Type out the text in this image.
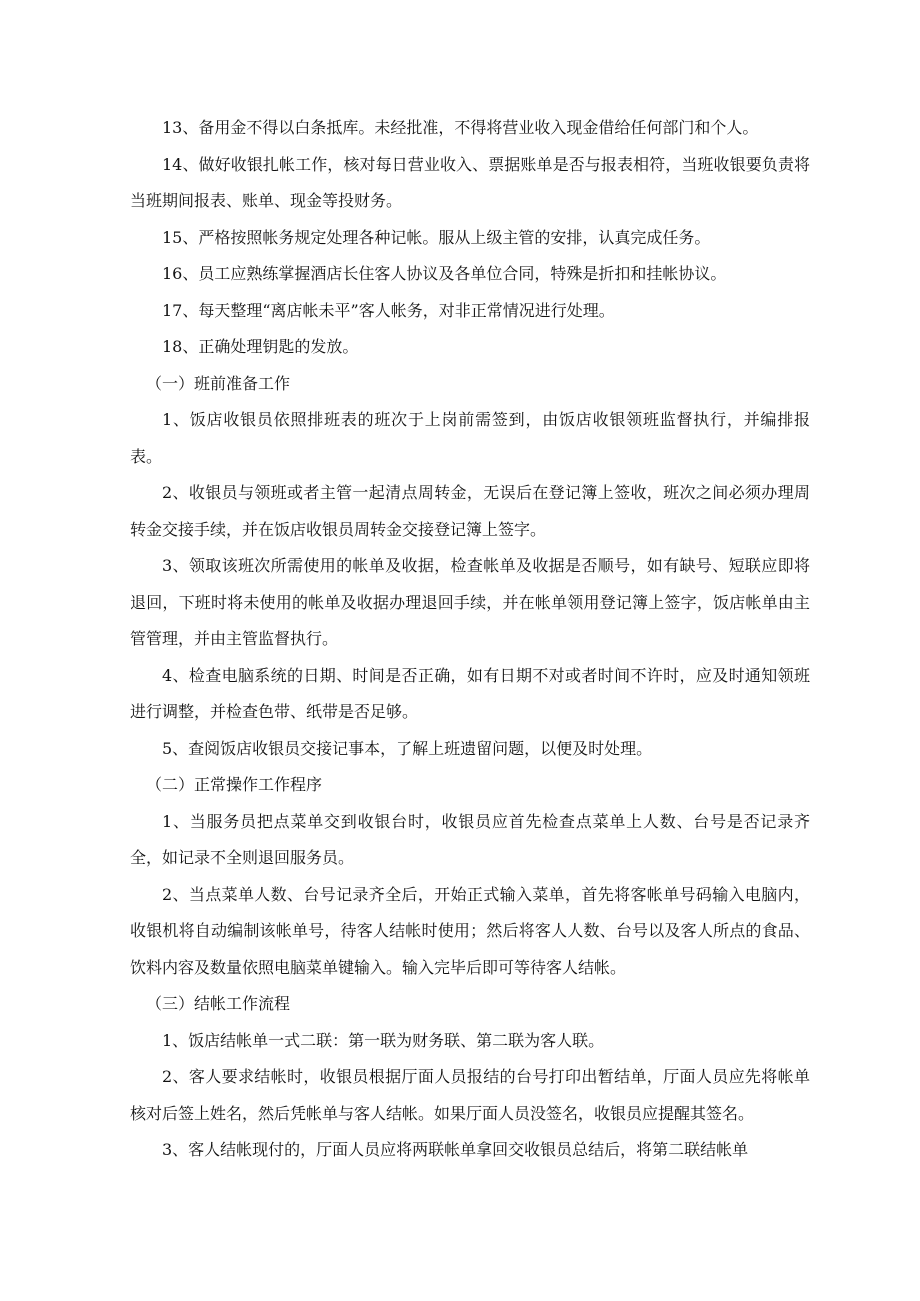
13、备用金不得以白条抵库。未经批准，不得将营业收入现金借给任何部门和个人。

14、做好收银扎帐工作，核对每日营业收入、票据账单是否与报表相符，当班收银要负责将当班期间报表、账单、现金等投财务。

15、严格按照帐务规定处理各种记帐。服从上级主管的安排，认真完成任务。

16、员工应熟练掌握酒店长住客人协议及各单位合同，特殊是折扣和挂帐协议。

17、每天整理“离店帐未平”客人帐务，对非正常情况进行处理。

18、正确处理钥匙的发放。

（一）班前准备工作

1、饭店收银员依照排班表的班次于上岗前需签到，由饭店收银领班监督执行，并编排报表。

2、收银员与领班或者主管一起清点周转金，无误后在登记簿上签收，班次之间必须办理周转金交接手续，并在饭店收银员周转金交接登记簿上签字。

3、领取该班次所需使用的帐单及收据，检查帐单及收据是否顺号，如有缺号、短联应即将退回，下班时将未使用的帐单及收据办理退回手续，并在帐单领用登记簿上签字，饭店帐单由主管管理，并由主管监督执行。

4、检查电脑系统的日期、时间是否正确，如有日期不对或者时间不许时，应及时通知领班进行调整，并检查色带、纸带是否足够。

5、查阅饭店收银员交接记事本，了解上班遗留问题，以便及时处理。

（二）正常操作工作程序

1、当服务员把点菜单交到收银台时，收银员应首先检查点菜单上人数、台号是否记录齐全，如记录不全则退回服务员。

2、当点菜单人数、台号记录齐全后，开始正式输入菜单，首先将客帐单号码输入电脑内，收银机将自动编制该帐单号，待客人结帐时使用；然后将客人人数、台号以及客人所点的食品、饮料内容及数量依照电脑菜单键输入。输入完毕后即可等待客人结帐。

（三）结帐工作流程

1、饭店结帐单一式二联：第一联为财务联、第二联为客人联。

2、客人要求结帐时，收银员根据厅面人员报结的台号打印出暂结单，厅面人员应先将帐单核对后签上姓名，然后凭帐单与客人结帐。如果厅面人员没签名，收银员应提醒其签名。

3、客人结帐现付的，厅面人员应将两联帐单拿回交收银员总结后，将第二联结帐单
